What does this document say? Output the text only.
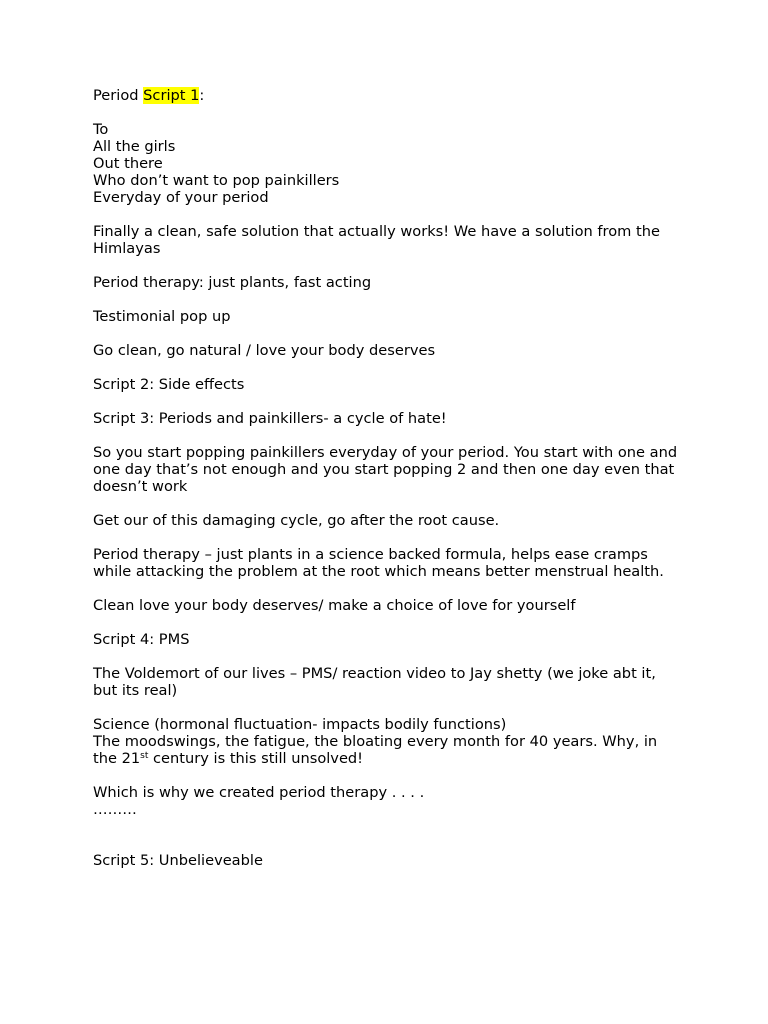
Period Script 1:

To

All the girls

Out there

Who don’t want to pop painkillers

Everyday of your period

Finally a clean, safe solution that actually works! We have a solution from the Himlayas

Period therapy: just plants, fast acting

Testimonial pop up

Go clean, go natural / love your body deserves

Script 2: Side effects

Script 3: Periods and painkillers- a cycle of hate!

So you start popping painkillers everyday of your period. You start with one and one day that’s not enough and you start popping 2 and then one day even that doesn’t work

Get our of this damaging cycle, go after the root cause.

Period therapy – just plants in a science backed formula, helps ease cramps while attacking the problem at the root which means better menstrual health.

Clean love your body deserves/ make a choice of love for yourself

Script 4: PMS

The Voldemort of our lives – PMS/ reaction video to Jay shetty (we joke abt it, but its real)

Science (hormonal fluctuation- impacts bodily functions)

The moodswings, the fatigue, the bloating every month for 40 years. Why, in the 21st century is this still unsolved!

Which is why we created period therapy . . . .

………

Script 5: Unbelieveable
